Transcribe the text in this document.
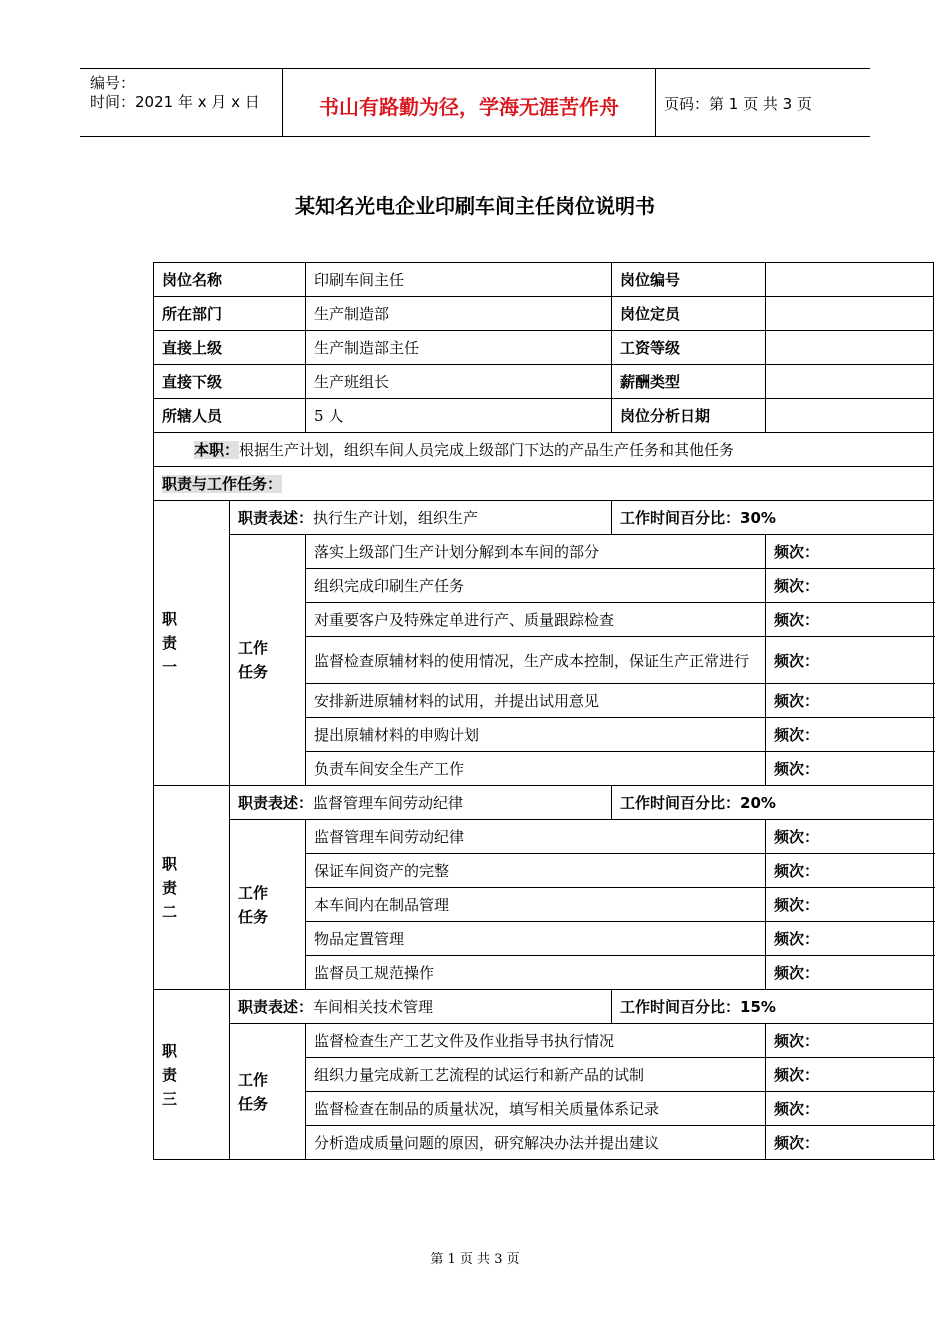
编号：
时间：2021 年 x 月 x 日	书山有路勤为径，学海无涯苦作舟	页码：第 1 页 共 3 页
某知名光电企业印刷车间主任岗位说明书
岗位名称		印刷车间主任	岗位编号	
所在部门		生产制造部	岗位定员	
直接上级		生产制造部主任	工资等级	
直接下级		生产班组长	薪酬类型	
所辖人员		5 人	岗位分析日期	
本职：根据生产计划，组织车间人员完成上级部门下达的产品生产任务和其他任务				
职责与工作任务：				
职
责
一	职责表述：执行生产计划，组织生产		工作时间百分比：30%	
	工作
任务	落实上级部门生产计划分解到本车间的部分		频次：
		组织完成印刷生产任务		频次：
		对重要客户及特殊定单进行产、质量跟踪检查		频次：
		监督检查原辅材料的使用情况，生产成本控制，保证生产正常进行		频次：
		安排新进原辅材料的试用，并提出试用意见		频次：
		提出原辅材料的申购计划		频次：
		负责车间安全生产工作		频次：
职
责
二	职责表述：监督管理车间劳动纪律		工作时间百分比：20%	
	工作
任务	监督管理车间劳动纪律		频次：
		保证车间资产的完整		频次：
		本车间内在制品管理		频次：
		物品定置管理		频次：
		监督员工规范操作		频次：
职
责
三	职责表述：车间相关技术管理		工作时间百分比：15%	
	工作
任务	监督检查生产工艺文件及作业指导书执行情况		频次：
		组织力量完成新工艺流程的试运行和新产品的试制		频次：
		监督检查在制品的质量状况，填写相关质量体系记录		频次：
		分析造成质量问题的原因，研究解决办法并提出建议		频次：
第 1 页 共 3 页
